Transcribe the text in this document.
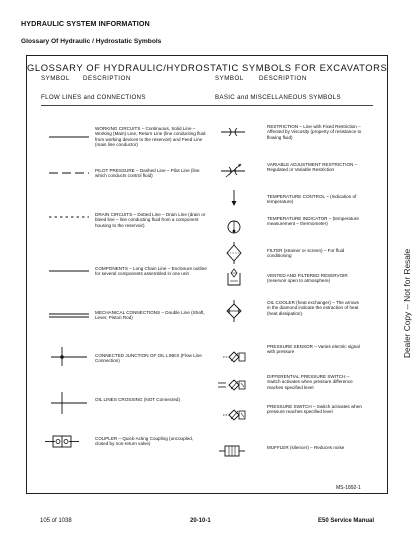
HYDRAULIC SYSTEM INFORMATION
Glossary Of Hydraulic / Hydrostatic Symbols
GLOSSARY OF HYDRAULIC/HYDROSTATIC SYMBOLS FOR EXCAVATORS
SYMBOL DESCRIPTION	SYMBOL DESCRIPTION
FLOW LINES and CONNECTIONS	BASIC and MISCELLANEOUS SYMBOLS
WORKING CIRCUITS – Continuous, Solid Line – Working (Main) Line, Return Line (line conducting fluid from working devices to the reservoir) and Feed Line (main line conductor)
PILOT PRESSURE – Dashed Line – Pilot Line (line which conducts control fluid)
DRAIN CIRCUITS – Dotted Line – Drain Line (drain or bleed line – line conducting fluid from a component housing to the reservoir)
COMPONENTS – Long Chain Line – Enclosure outline for several components assembled in one unit
MECHANICAL CONNECTIONS – Double Line (Shaft, Lever, Piston Rod)
CONNECTED JUNCTION OF OIL LINES (Flow Line Connection)
OIL LINES CROSSING (NOT Connected)
COUPLER – Quick-Acting Coupling (uncoupled, closed by non-return valve)
RESTRICTION – Line with Fixed Restriction – Affected by Viscosity (property of resistance to flowing fluid)
VARIABLE ADJUSTMENT RESTRICTION – Regulated or Variable Restriction
TEMPERATURE CONTROL – (Indication of temperature)
TEMPERATURE INDICATOR – (temperature measurement – thermometer)
FILTER (strainer or screen) – For fluid conditioning
VENTED AND FILTERED RESERVOIR (reservoir open to atmosphere)
OIL COOLER (heat exchanger) – The arrows in the diamond indicate the extraction of heat (heat dissipation)
PRESSURE SENSOR – Varies electric signal with pressure
DIFFERENTIAL PRESSURE SWITCH – Switch activates when pressure difference reaches specified level
PRESSURE SWITCH – Switch activates when pressure reaches specified level
MUFFLER (silencer) – Reduces noise
MS-1892-1
Dealer Copy -- Not for Resale
105 of 1038	20-10-1	E50 Service Manual
